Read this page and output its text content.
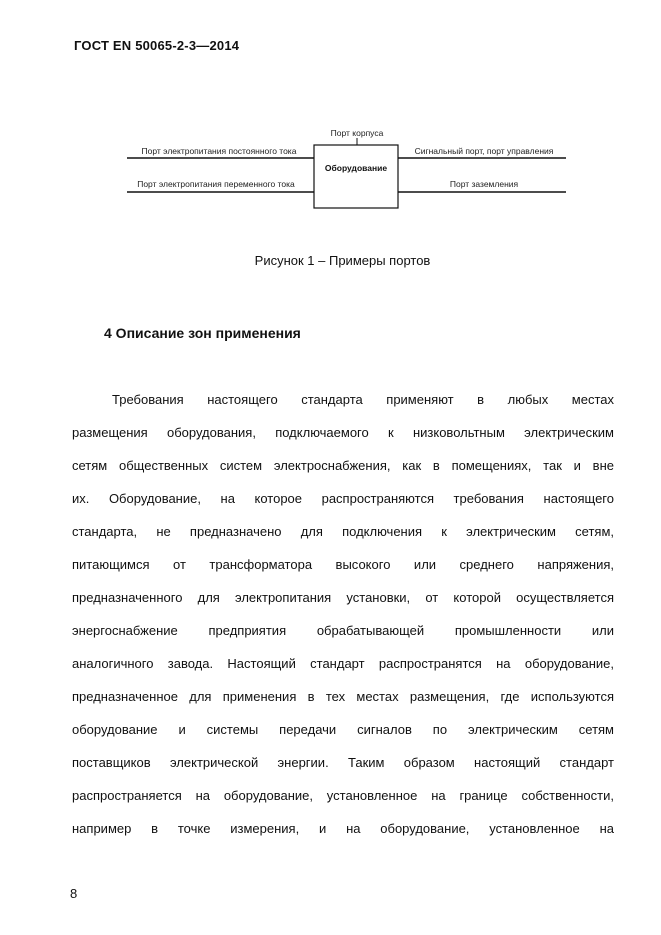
ГОСТ EN 50065-2-3—2014
Порт корпуса
Оборудование
Порт электропитания постоянного тока
Порт электропитания переменного тока
Сигнальный порт, порт управления
Порт заземления
Рисунок 1 – Примеры портов
4 Описание зон применения
Требования настоящего стандарта применяют в любых местах
размещения оборудования, подключаемого к низковольтным электрическим
сетям общественных систем электроснабжения, как в помещениях, так и вне
их. Оборудование, на которое распространяются требования настоящего
стандарта, не предназначено для подключения к электрическим сетям,
питающимся от трансформатора высокого или среднего напряжения,
предназначенного для электропитания установки, от которой осуществляется
энергоснабжение предприятия обрабатывающей промышленности или
аналогичного завода. Настоящий стандарт распространятся на оборудование,
предназначенное для применения в тех местах размещения, где используются
оборудование и системы передачи сигналов по электрическим сетям
поставщиков электрической энергии. Таким образом настоящий стандарт
распространяется на оборудование, установленное на границе собственности,
например в точке измерения, и на оборудование, установленное на
8
